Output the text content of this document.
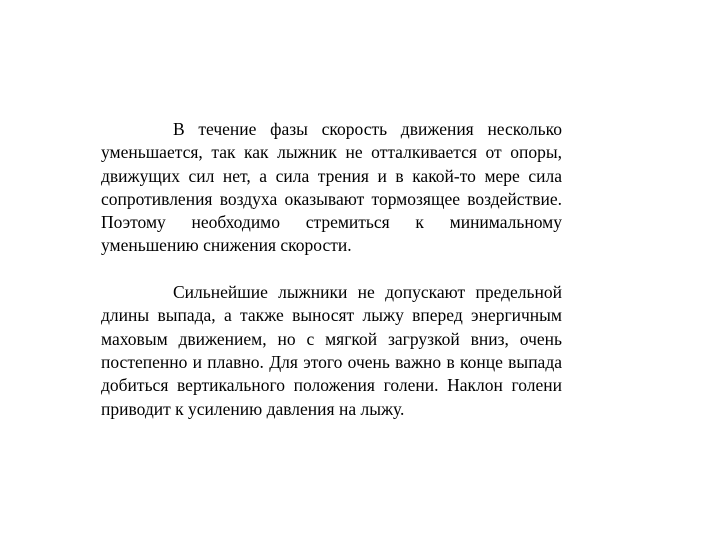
В течение фазы скорость движения несколько уменьшается, так как лыжник не отталкивается от опоры, движущих сил нет, а сила трения и в какой-то мере сила сопротивления воздуха оказывают тормозящее воздействие. Поэтому необходимо стремиться к минимальному уменьшению снижения скорости.

Сильнейшие лыжники не допускают предельной длины выпада, а также выносят лыжу вперед энергичным маховым движением, но с мягкой загрузкой вниз, очень постепенно и плавно. Для этого очень важно в конце выпада добиться вертикального положения голени. Наклон голени приводит к усилению давления на лыжу.
